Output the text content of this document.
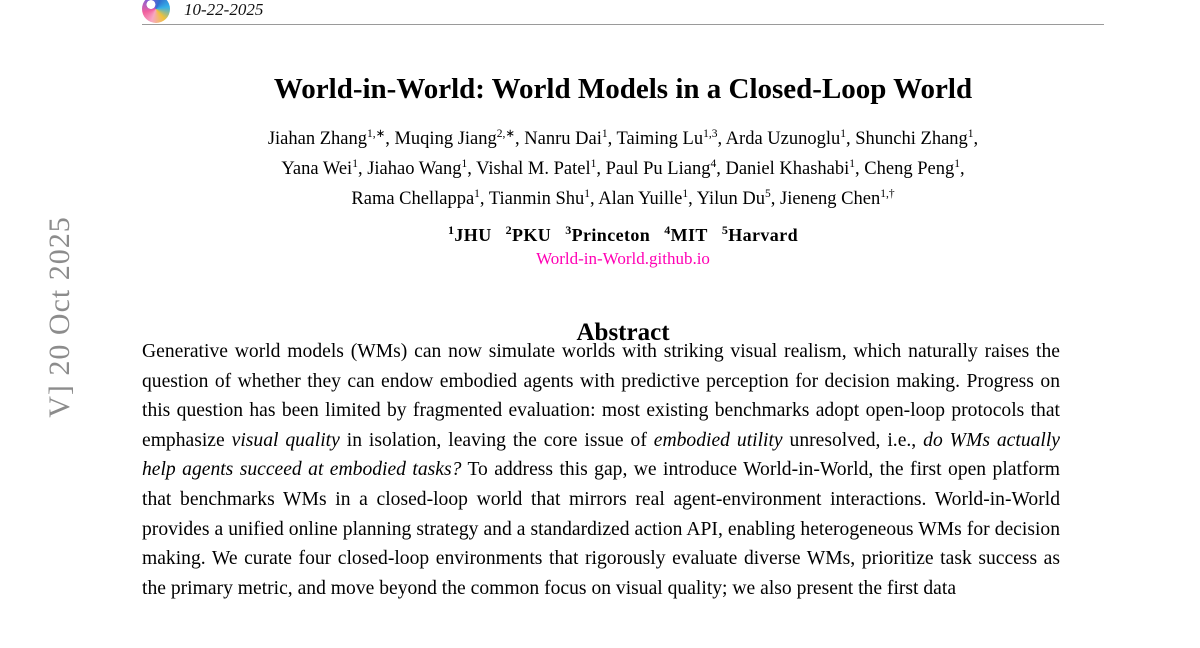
V] 20 Oct 2025
10-22-2025
World-in-World: World Models in a Closed-Loop World
Jiahan Zhang$^{1,∗}$, Muqing Jiang$^{2,∗}$, Nanru Dai$^1$, Taiming Lu$^{1,3}$, Arda Uzunoglu$^1$, Shunchi Zhang$^1$,
Yana Wei$^1$, Jiahao Wang$^1$, Vishal M. Patel$^1$, Paul Pu Liang$^4$, Daniel Khashabi$^1$, Cheng Peng$^1$,
Rama Chellappa$^1$, Tianmin Shu$^1$, Alan Yuille$^1$, Yilun Du$^5$, Jieneng Chen$^{1,\dagger}$
$^1$JHU $^2$PKU $^3$Princeton $^4$MIT $^5$Harvard
World-in-World.github.io
Abstract
Generative world models (WMs) can now simulate worlds with striking visual realism, which naturally raises the question of whether they can endow embodied agents with predictive perception for decision making. Progress on this question has been limited by fragmented evaluation: most existing benchmarks adopt open-loop protocols that emphasize visual quality in isolation, leaving the core issue of embodied utility unresolved, i.e., do WMs actually help agents succeed at embodied tasks? To address this gap, we introduce World-in-World, the first open platform that benchmarks WMs in a closed-loop world that mirrors real agent-environment interactions. World-in-World provides a unified online planning strategy and a standardized action API, enabling heterogeneous WMs for decision making. We curate four closed-loop environments that rigorously evaluate diverse WMs, prioritize task success as the primary metric, and move beyond the common focus on visual quality; we also present the first data
